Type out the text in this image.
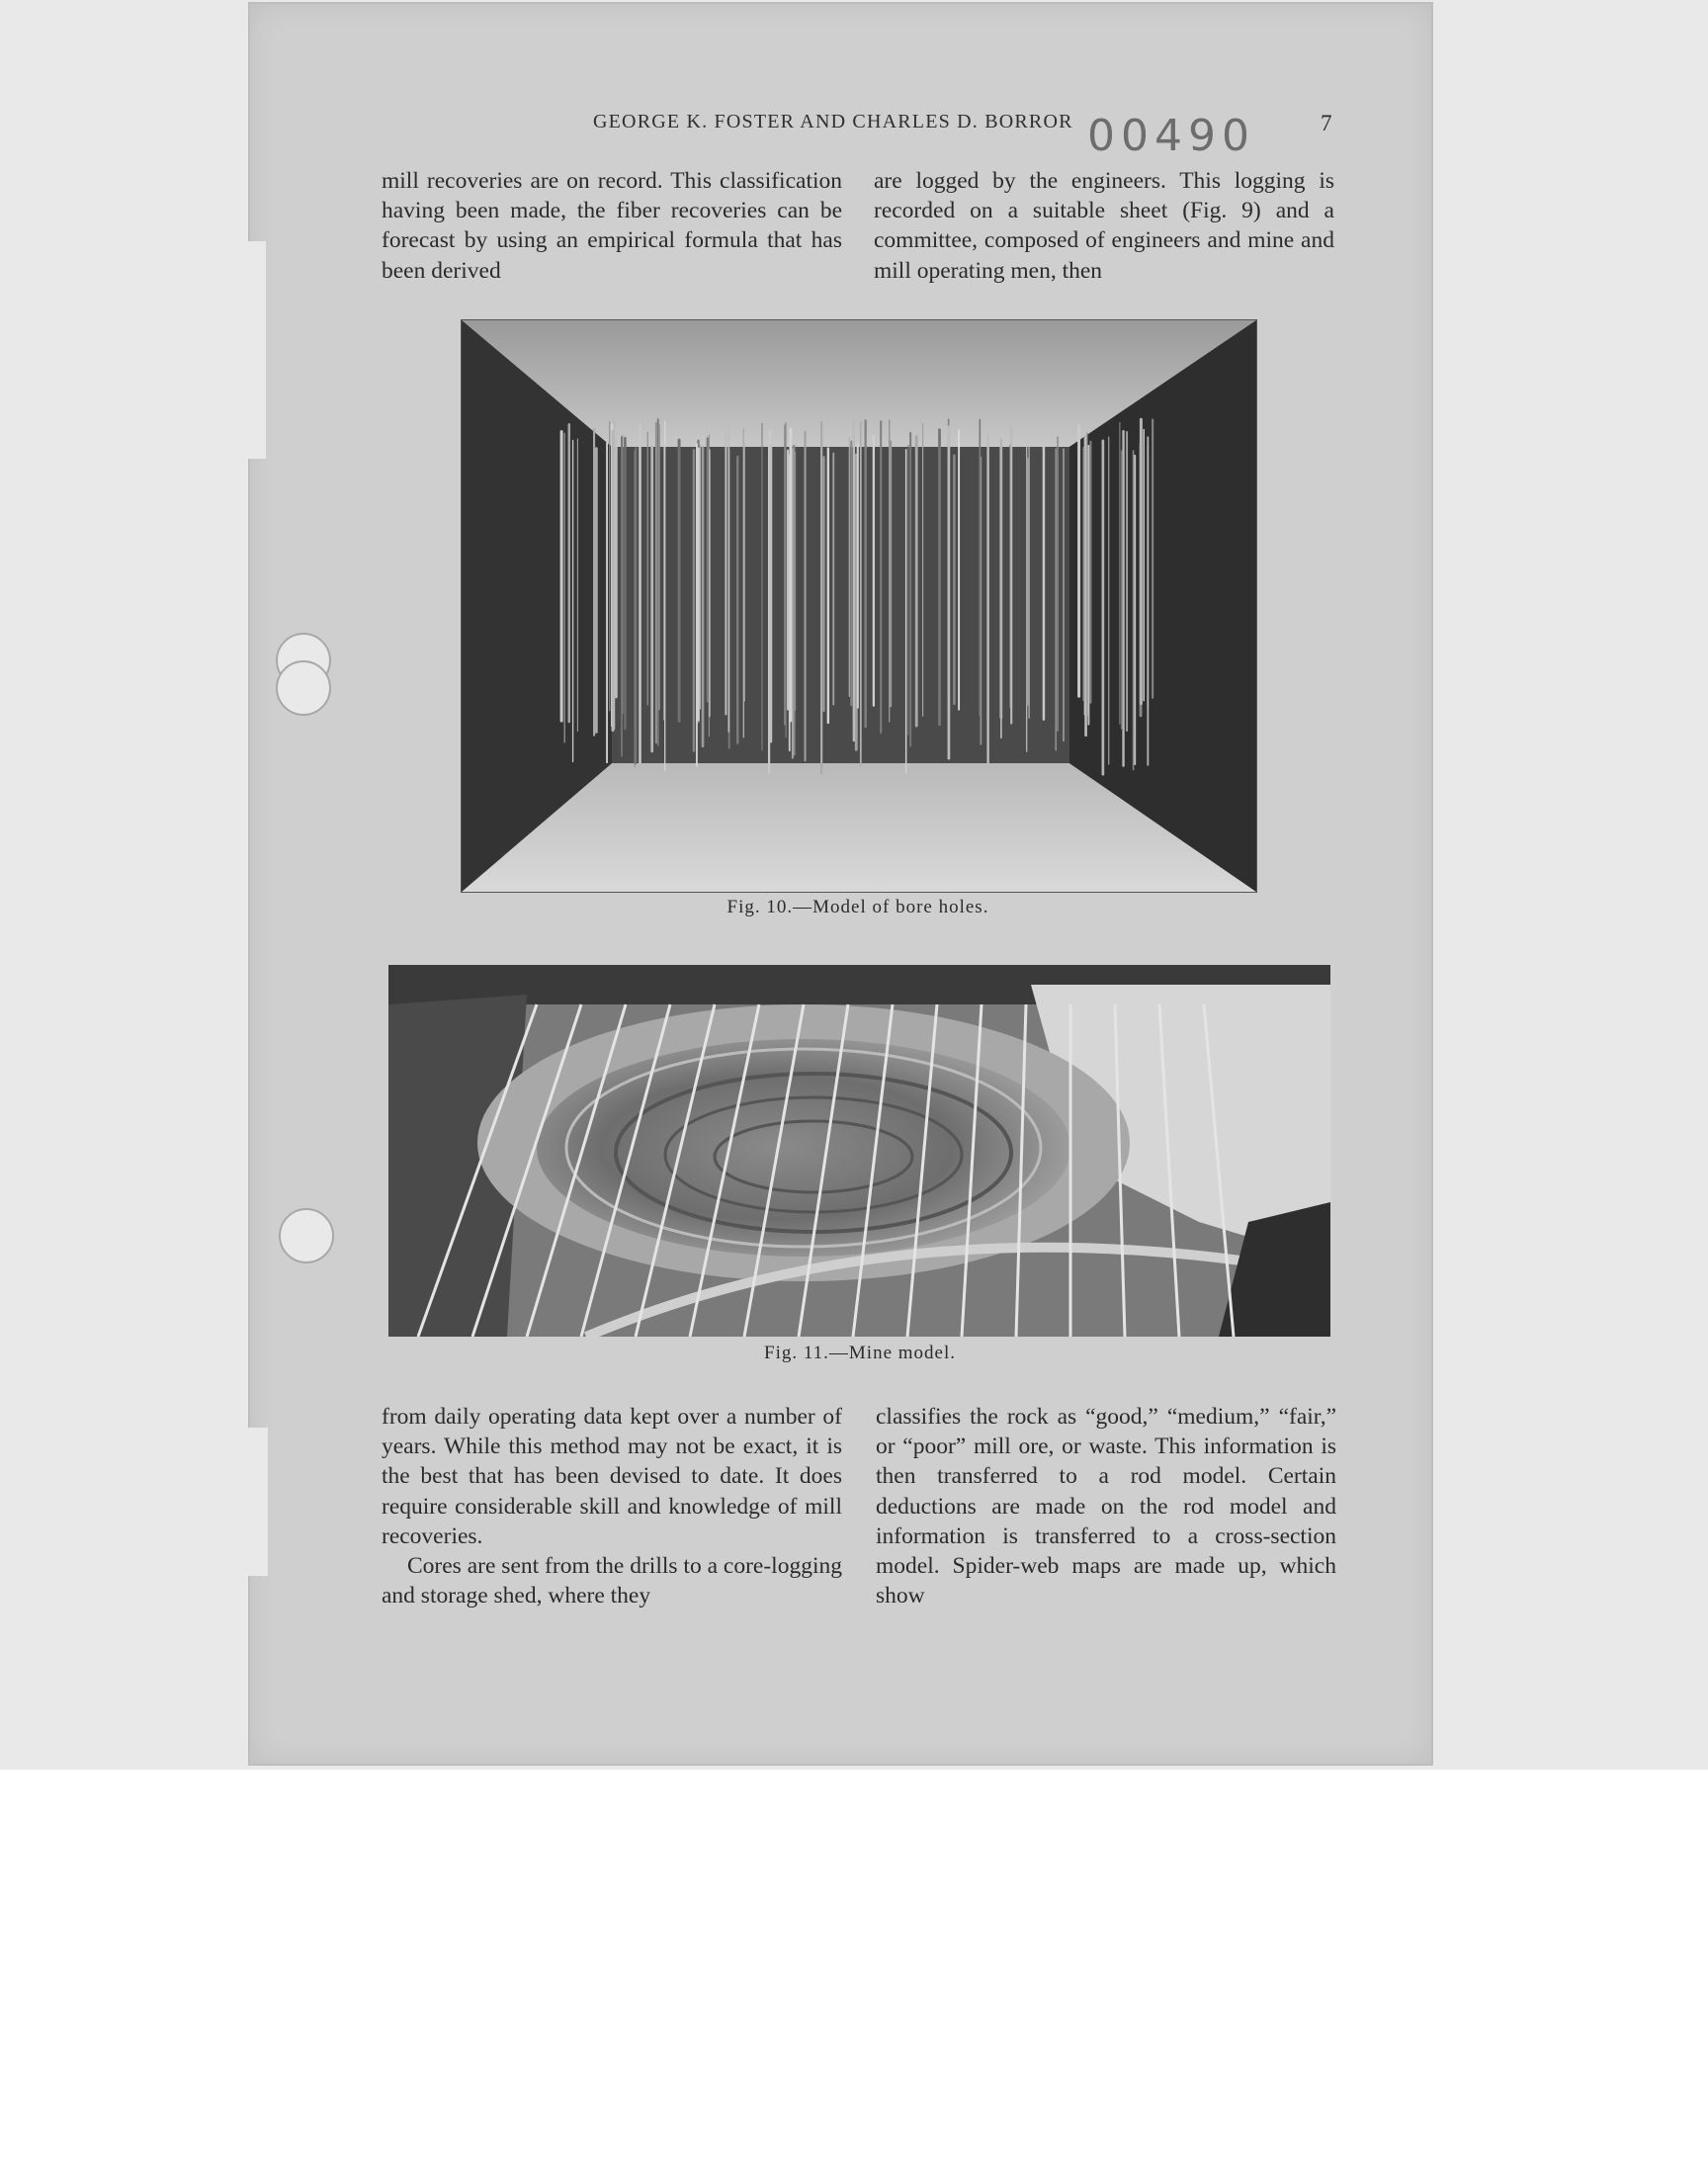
GEORGE K. FOSTER AND CHARLES D. BORROR 00490	7

mill recoveries are on record. This classification having been made, the fiber recoveries can be forecast by using an empirical formula that has been derived

are logged by the engineers. This logging is recorded on a suitable sheet (Fig. 9) and a committee, composed of engineers and mine and mill operating men, then

Fig. 10.—Model of bore holes.
Fig. 11.—Mine model.

from daily operating data kept over a number of years. While this method may not be exact, it is the best that has been devised to date. It does require considerable skill and knowledge of mill recoveries.

Cores are sent from the drills to a core-logging and storage shed, where they

classifies the rock as “good,” “medium,” “fair,” or “poor” mill ore, or waste. This information is then transferred to a rod model. Certain deductions are made on the rod model and information is transferred to a cross-section model. Spider-web maps are made up, which show
